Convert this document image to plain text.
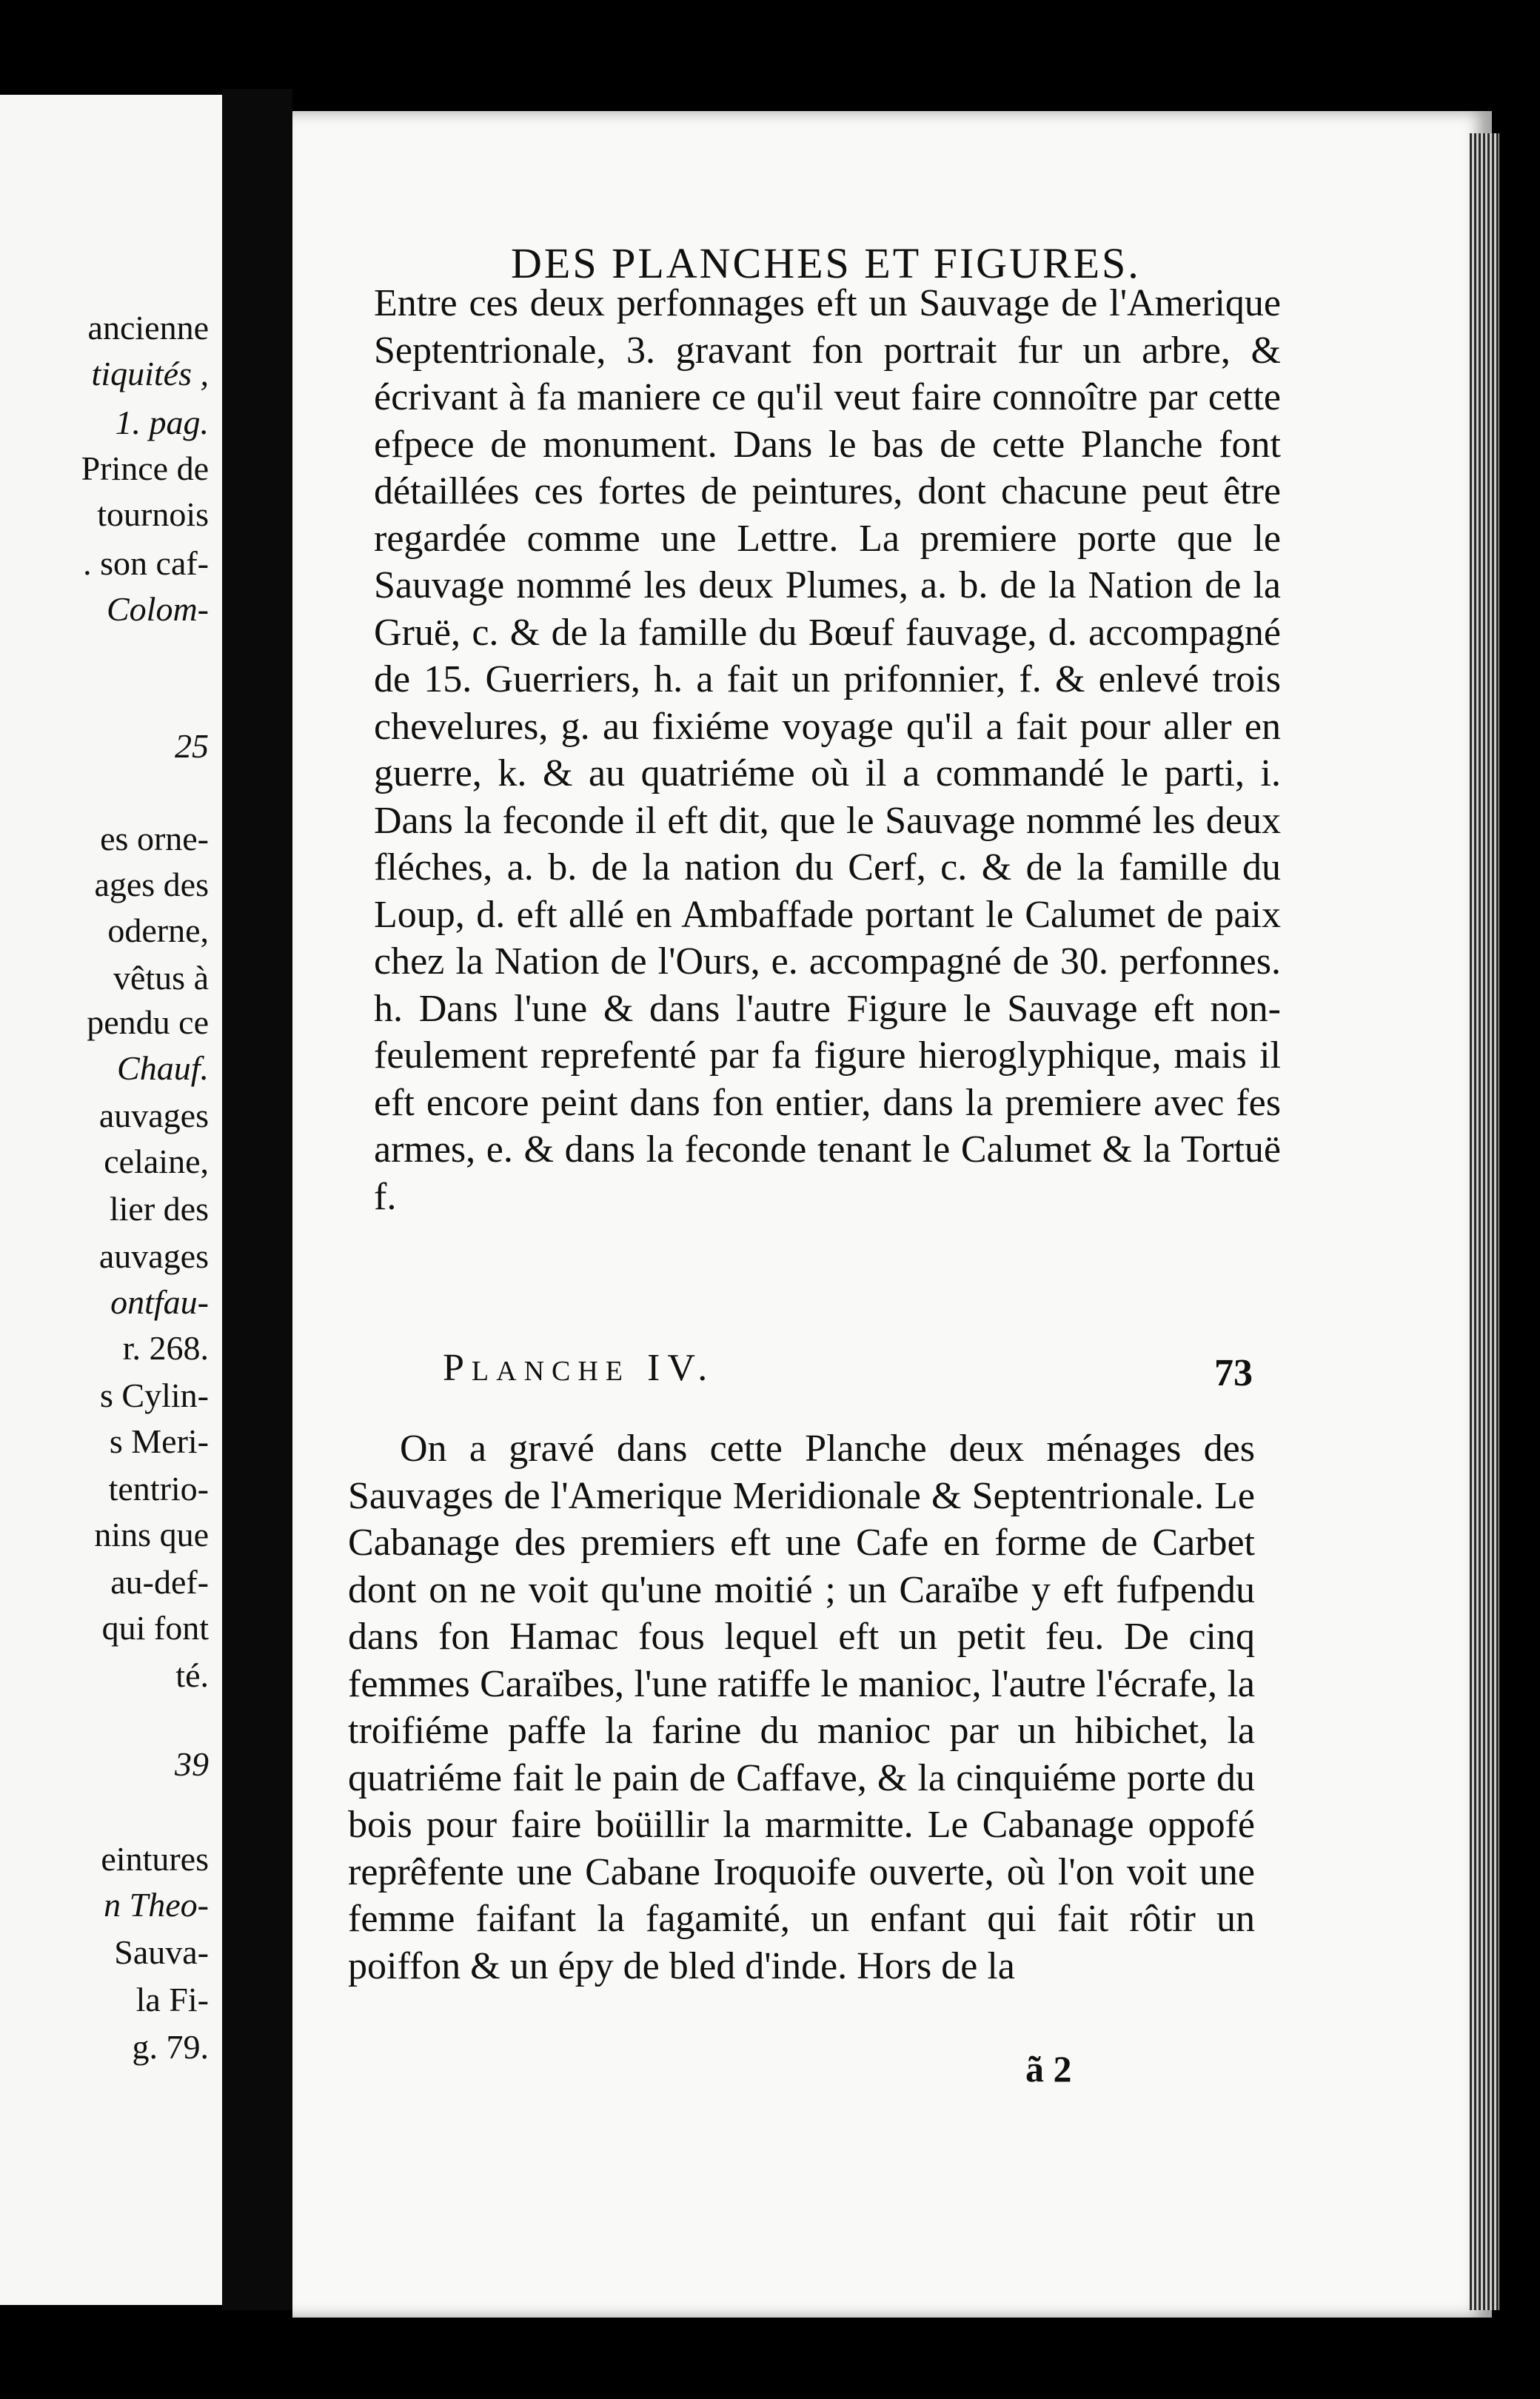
ancienne
tiquités ,
1. pag.
Prince de
tournois
. son caf-
Colom-
25
es orne-
ages des
oderne,
vêtus à
pendu ce
Chauf.
auvages
celaine,
lier des
auvages
ontfau-
r. 268.
s Cylin-
s Meri-
tentrio-
nins que
au-def-
qui font
té.
39
eintures
n Theo-
Sauva-
la Fi-
g. 79.
DES PLANCHES ET FIGURES.
Entre ces deux perfonnages eft un Sauvage de l'Amerique Septentrionale, 3. gravant fon portrait fur un arbre, & écrivant à fa maniere ce qu'il veut faire connoître par cette efpece de monument. Dans le bas de cette Planche font détaillées ces fortes de peintures, dont chacune peut être regardée comme une Lettre. La premiere porte que le Sauvage nommé les deux Plumes, a. b. de la Nation de la Gruë, c. & de la famille du Bœuf fauvage, d. accompagné de 15. Guerriers, h. a fait un prifonnier, f. & enlevé trois chevelures, g. au fixiéme voyage qu'il a fait pour aller en guerre, k. & au quatriéme où il a commandé le parti, i. Dans la feconde il eft dit, que le Sauvage nommé les deux fléches, a. b. de la nation du Cerf, c. & de la famille du Loup, d. eft allé en Ambaffade portant le Calumet de paix chez la Nation de l'Ours, e. accompagné de 30. perfonnes. h. Dans l'une & dans l'autre Figure le Sauvage eft non-feulement reprefenté par fa figure hieroglyphique, mais il eft encore peint dans fon entier, dans la premiere avec fes armes, e. & dans la feconde tenant le Calumet & la Tortuë f.
PLANCHE IV.	73
On a gravé dans cette Planche deux ménages des Sauvages de l'Amerique Meridionale & Septentrionale. Le Cabanage des premiers eft une Cafe en forme de Carbet dont on ne voit qu'une moitié ; un Caraïbe y eft fufpendu dans fon Hamac fous lequel eft un petit feu. De cinq femmes Caraïbes, l'une ratiffe le manioc, l'autre l'écrafe, la troifiéme paffe la farine du manioc par un hibichet, la quatriéme fait le pain de Caffave, & la cinquiéme porte du bois pour faire boüillir la marmitte. Le Cabanage oppofé reprêfente une Cabane Iroquoife ouverte, où l'on voit une femme faifant la fagamité, un enfant qui fait rôtir un poiffon & un épy de bled d'inde. Hors de la
ã 2
